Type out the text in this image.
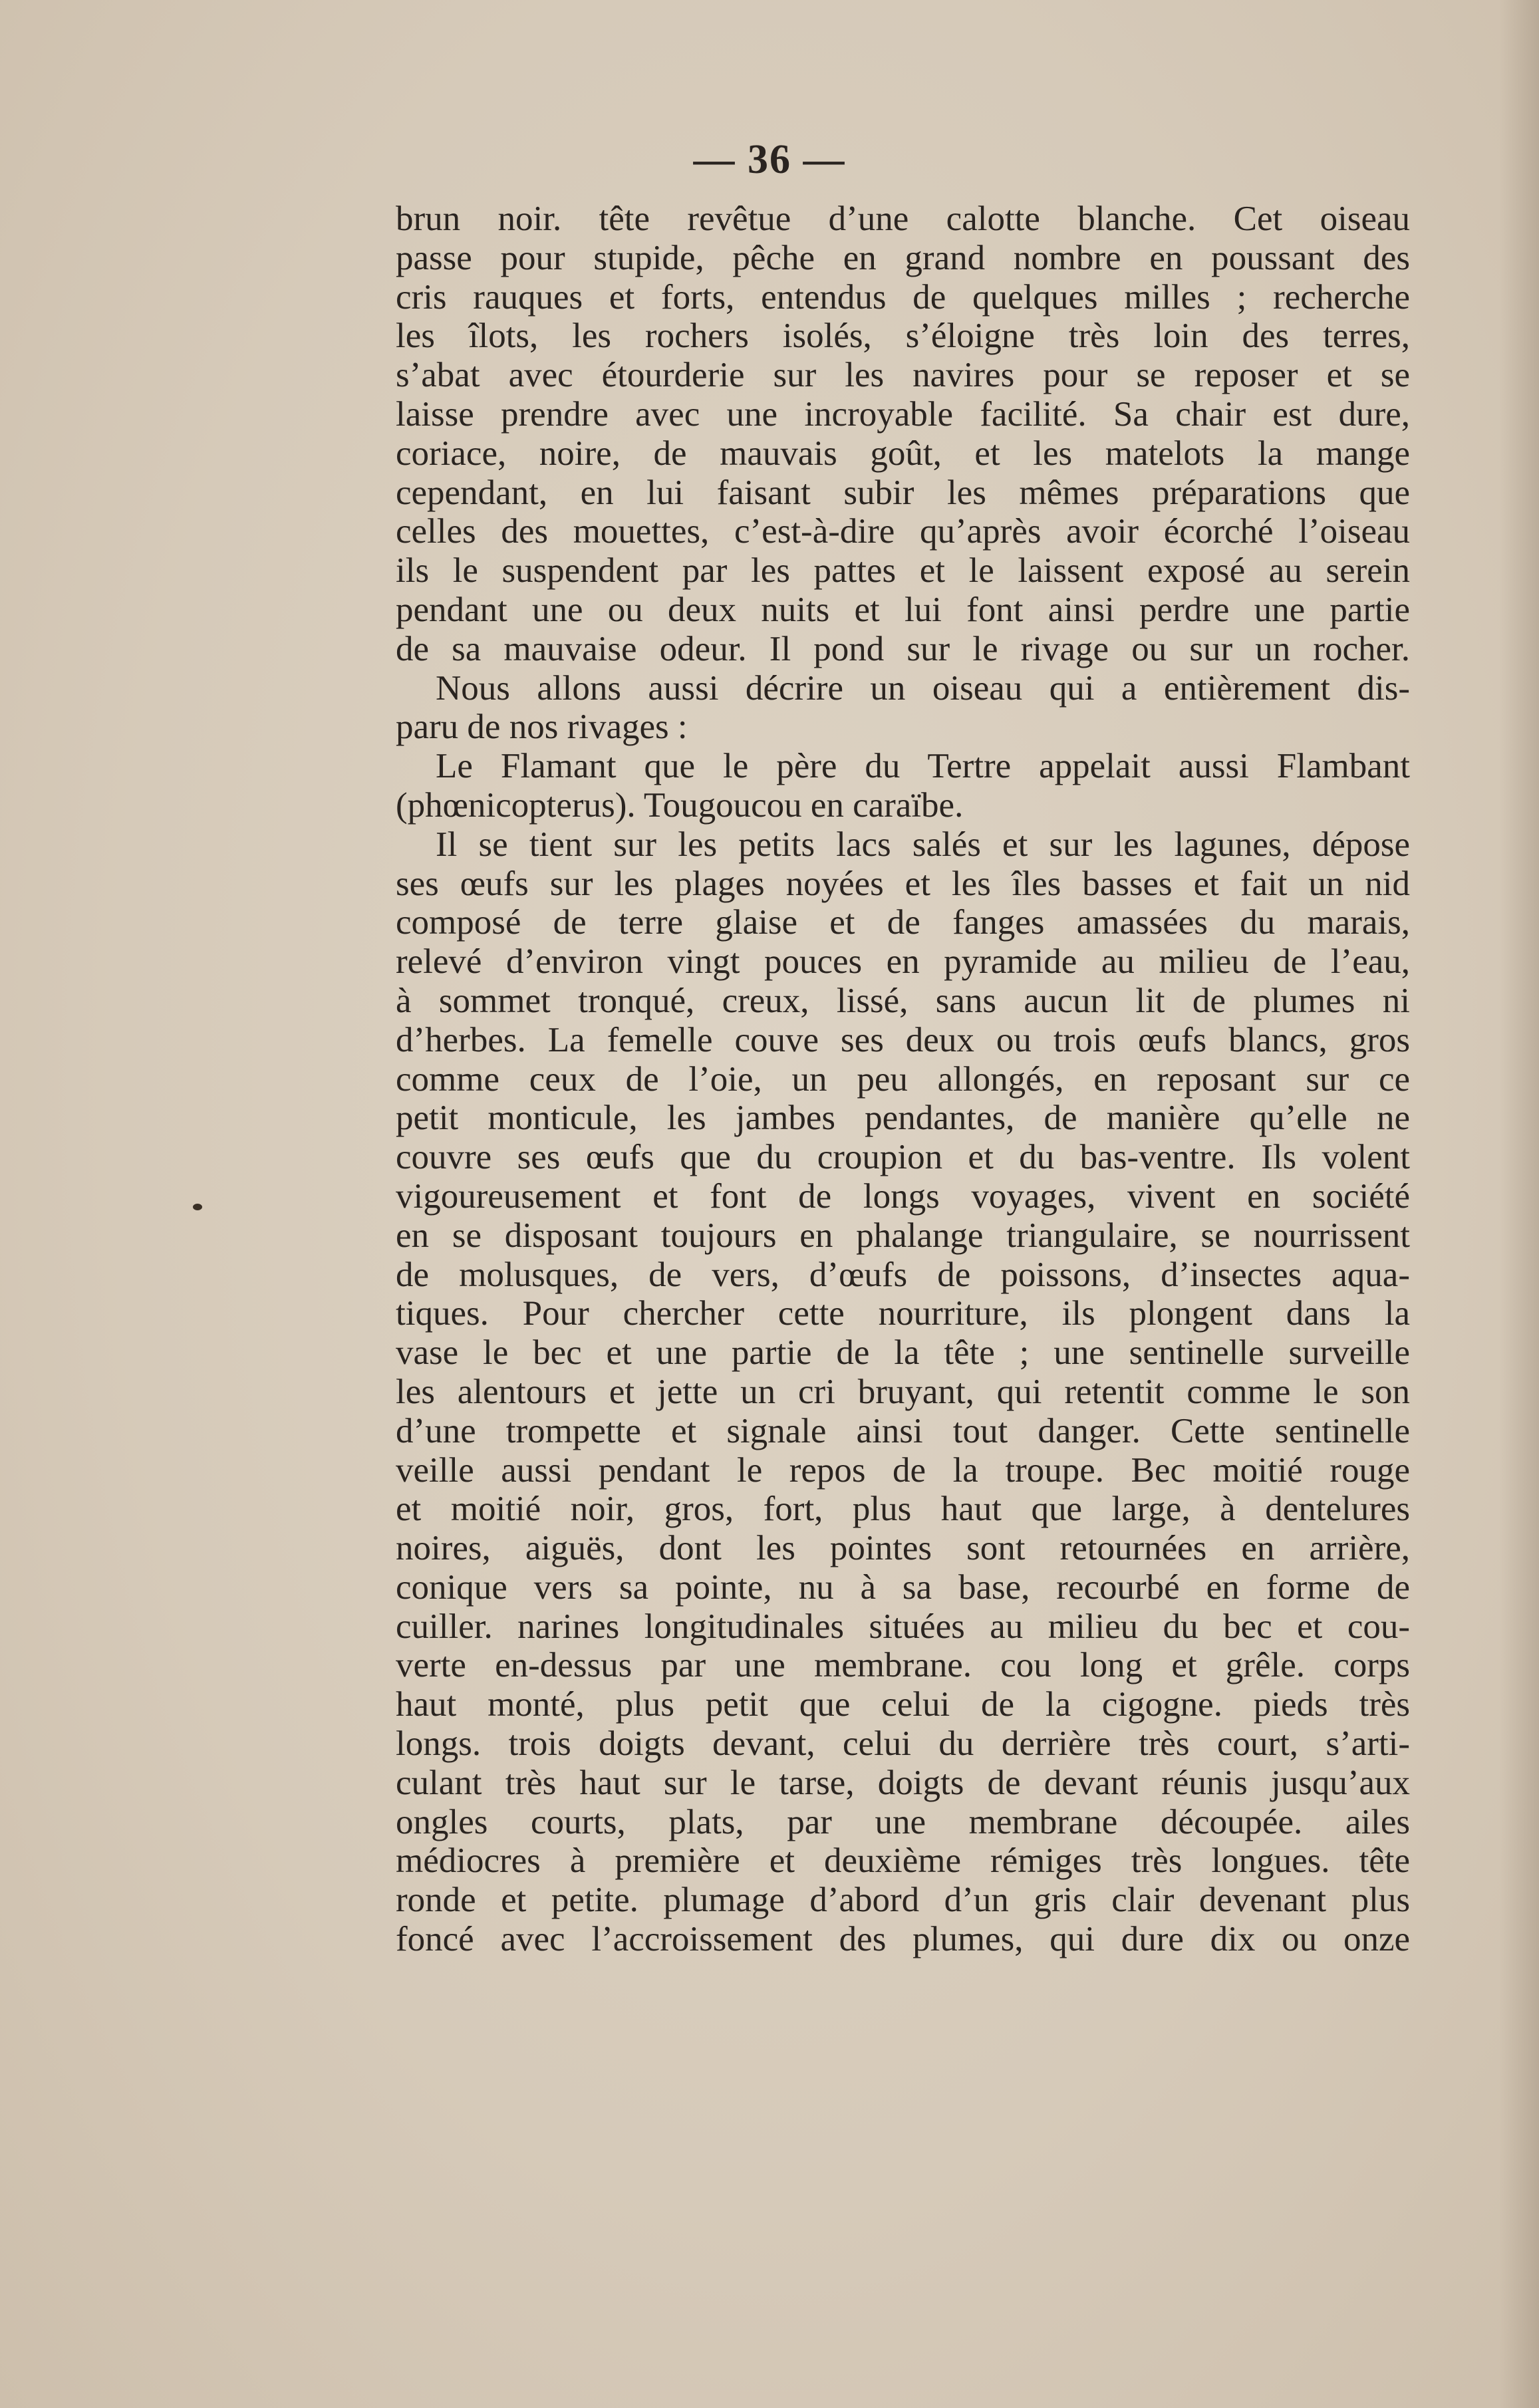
— 36 —
brun noir. tête revêtue d’une calotte blanche. Cet oiseau
passe pour stupide, pêche en grand nombre en poussant des
cris rauques et forts, entendus de quelques milles ; recherche
les îlots, les rochers isolés, s’éloigne très loin des terres,
s’abat avec étourderie sur les navires pour se reposer et se
laisse prendre avec une incroyable facilité. Sa chair est dure,
coriace, noire, de mauvais goût, et les matelots la mange
cependant, en lui faisant subir les mêmes préparations que
celles des mouettes, c’est-à-dire qu’après avoir écorché l’oiseau
ils le suspendent par les pattes et le laissent exposé au serein
pendant une ou deux nuits et lui font ainsi perdre une partie
de sa mauvaise odeur. Il pond sur le rivage ou sur un rocher.
Nous allons aussi décrire un oiseau qui a entièrement dis-
paru de nos rivages :
Le Flamant que le père du Tertre appelait aussi Flambant
(phœnicopterus). Tougoucou en caraïbe.
Il se tient sur les petits lacs salés et sur les lagunes, dépose
ses œufs sur les plages noyées et les îles basses et fait un nid
composé de terre glaise et de fanges amassées du marais,
relevé d’environ vingt pouces en pyramide au milieu de l’eau,
à sommet tronqué, creux, lissé, sans aucun lit de plumes ni
d’herbes. La femelle couve ses deux ou trois œufs blancs, gros
comme ceux de l’oie, un peu allongés, en reposant sur ce
petit monticule, les jambes pendantes, de manière qu’elle ne
couvre ses œufs que du croupion et du bas-ventre. Ils volent
vigoureusement et font de longs voyages, vivent en société
en se disposant toujours en phalange triangulaire, se nourrissent
de molusques, de vers, d’œufs de poissons, d’insectes aqua-
tiques. Pour chercher cette nourriture, ils plongent dans la
vase le bec et une partie de la tête ; une sentinelle surveille
les alentours et jette un cri bruyant, qui retentit comme le son
d’une trompette et signale ainsi tout danger. Cette sentinelle
veille aussi pendant le repos de la troupe. Bec moitié rouge
et moitié noir, gros, fort, plus haut que large, à dentelures
noires, aiguës, dont les pointes sont retournées en arrière,
conique vers sa pointe, nu à sa base, recourbé en forme de
cuiller. narines longitudinales situées au milieu du bec et cou-
verte en-dessus par une membrane. cou long et grêle. corps
haut monté, plus petit que celui de la cigogne. pieds très
longs. trois doigts devant, celui du derrière très court, s’arti-
culant très haut sur le tarse, doigts de devant réunis jusqu’aux
ongles courts, plats, par une membrane découpée. ailes
médiocres à première et deuxième rémiges très longues. tête
ronde et petite. plumage d’abord d’un gris clair devenant plus
foncé avec l’accroissement des plumes, qui dure dix ou onze
